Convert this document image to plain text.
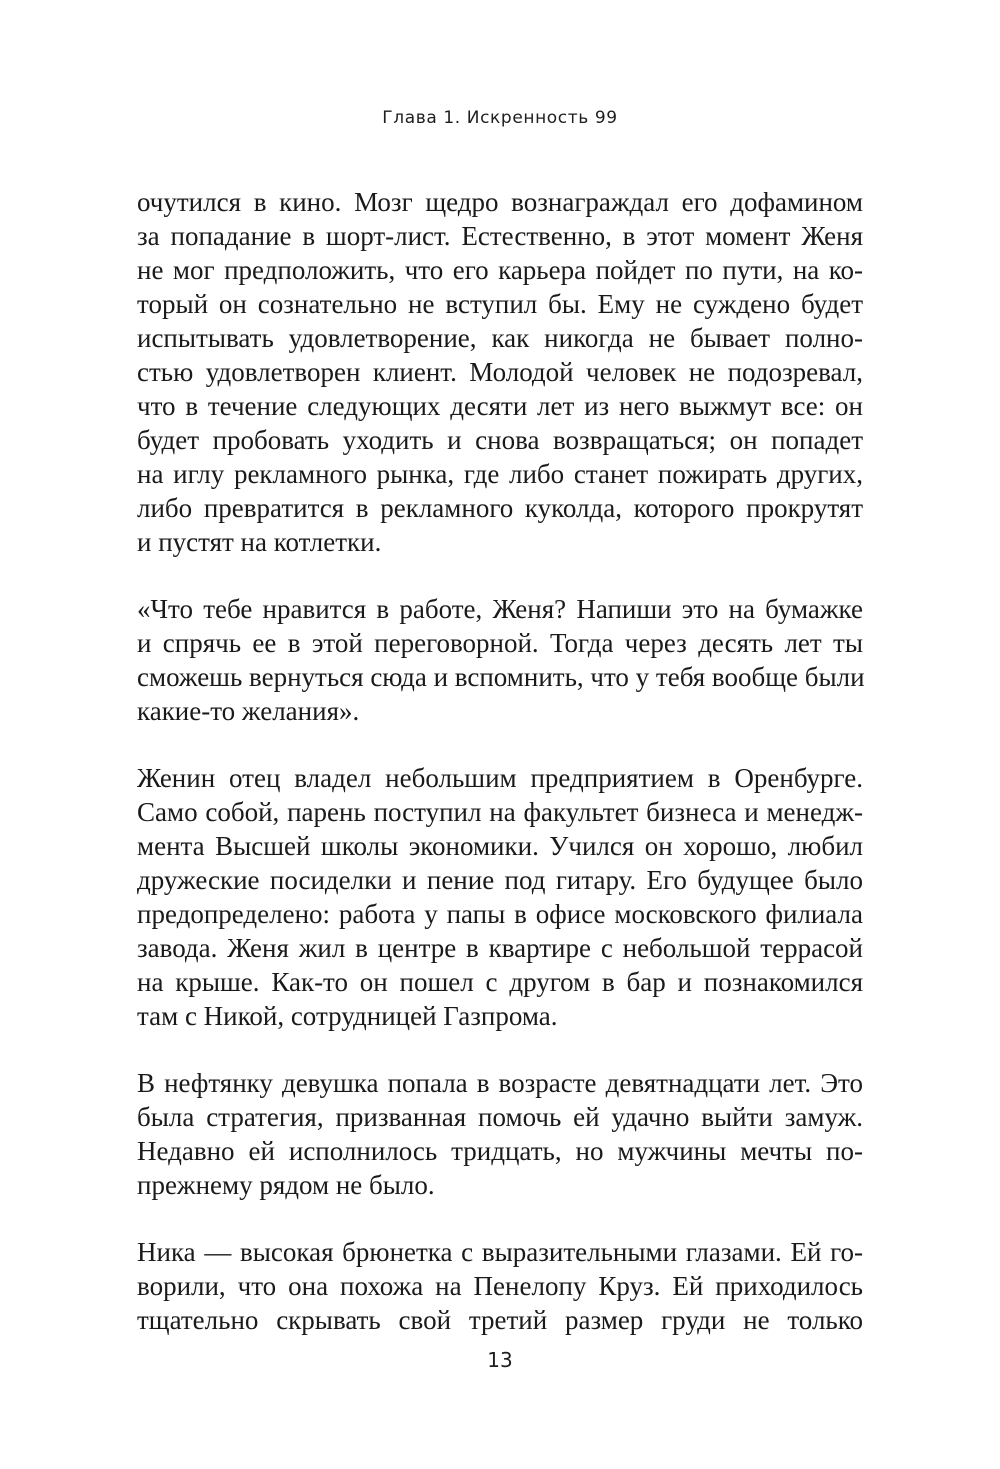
Глава 1. Искренность 99
очутился в кино. Мозг щедро вознаграждал его дофамином
за попадание в шорт-лист. Естественно, в этот момент Женя
не мог предположить, что его карьера пойдет по пути, на ко-
торый он сознательно не вступил бы. Ему не суждено будет
испытывать удовлетворение, как никогда не бывает полно-
стью удовлетворен клиент. Молодой человек не подозревал,
что в течение следующих десяти лет из него выжмут все: он
будет пробовать уходить и снова возвращаться; он попадет
на иглу рекламного рынка, где либо станет пожирать других,
либо превратится в рекламного куколда, которого прокрутят
и пустят на котлетки.
«Что тебе нравится в работе, Женя? Напиши это на бумажке
и спрячь ее в этой переговорной. Тогда через десять лет ты
сможешь вернуться сюда и вспомнить, что у тебя вообще были
какие-то желания».
Женин отец владел небольшим предприятием в Оренбурге.
Само собой, парень поступил на факультет бизнеса и менедж-
мента Высшей школы экономики. Учился он хорошо, любил
дружеские посиделки и пение под гитару. Его будущее было
предопределено: работа у папы в офисе московского филиала
завода. Женя жил в центре в квартире с небольшой террасой
на крыше. Как-то он пошел с другом в бар и познакомился
там с Никой, сотрудницей Газпрома.
В нефтянку девушка попала в возрасте девятнадцати лет. Это
была стратегия, призванная помочь ей удачно выйти замуж.
Недавно ей исполнилось тридцать, но мужчины мечты по-
прежнему рядом не было.
Ника — высокая брюнетка с выразительными глазами. Ей го-
ворили, что она похожа на Пенелопу Круз. Ей приходилось
тщательно скрывать свой третий размер груди не только
13
